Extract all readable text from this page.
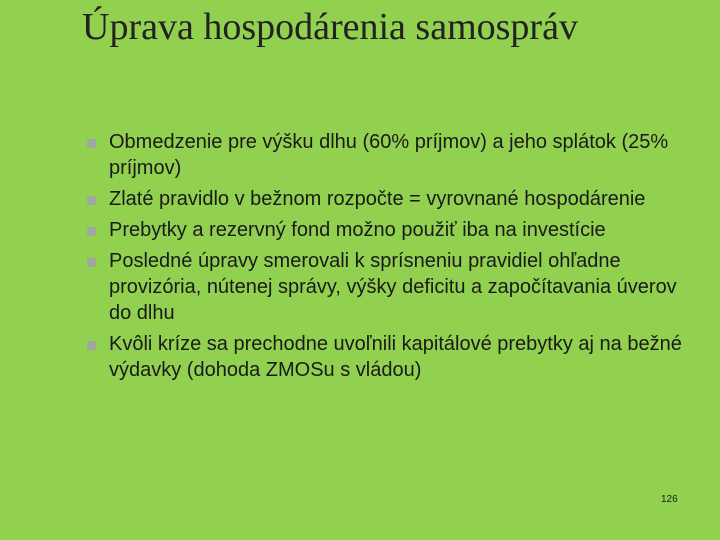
Úprava hospodárenia samospráv
Obmedzenie pre výšku dlhu (60% príjmov) a jeho splátok (25% príjmov)
Zlaté pravidlo v bežnom rozpočte = vyrovnané hospodárenie
Prebytky a rezervný fond možno použiť iba na investície
Posledné úpravy smerovali k sprísneniu pravidiel ohľadne provizória, nútenej správy, výšky deficitu a započítavania úverov do dlhu
Kvôli kríze sa prechodne uvoľnili kapitálové prebytky aj na bežné výdavky (dohoda ZMOSu s vládou)
126
